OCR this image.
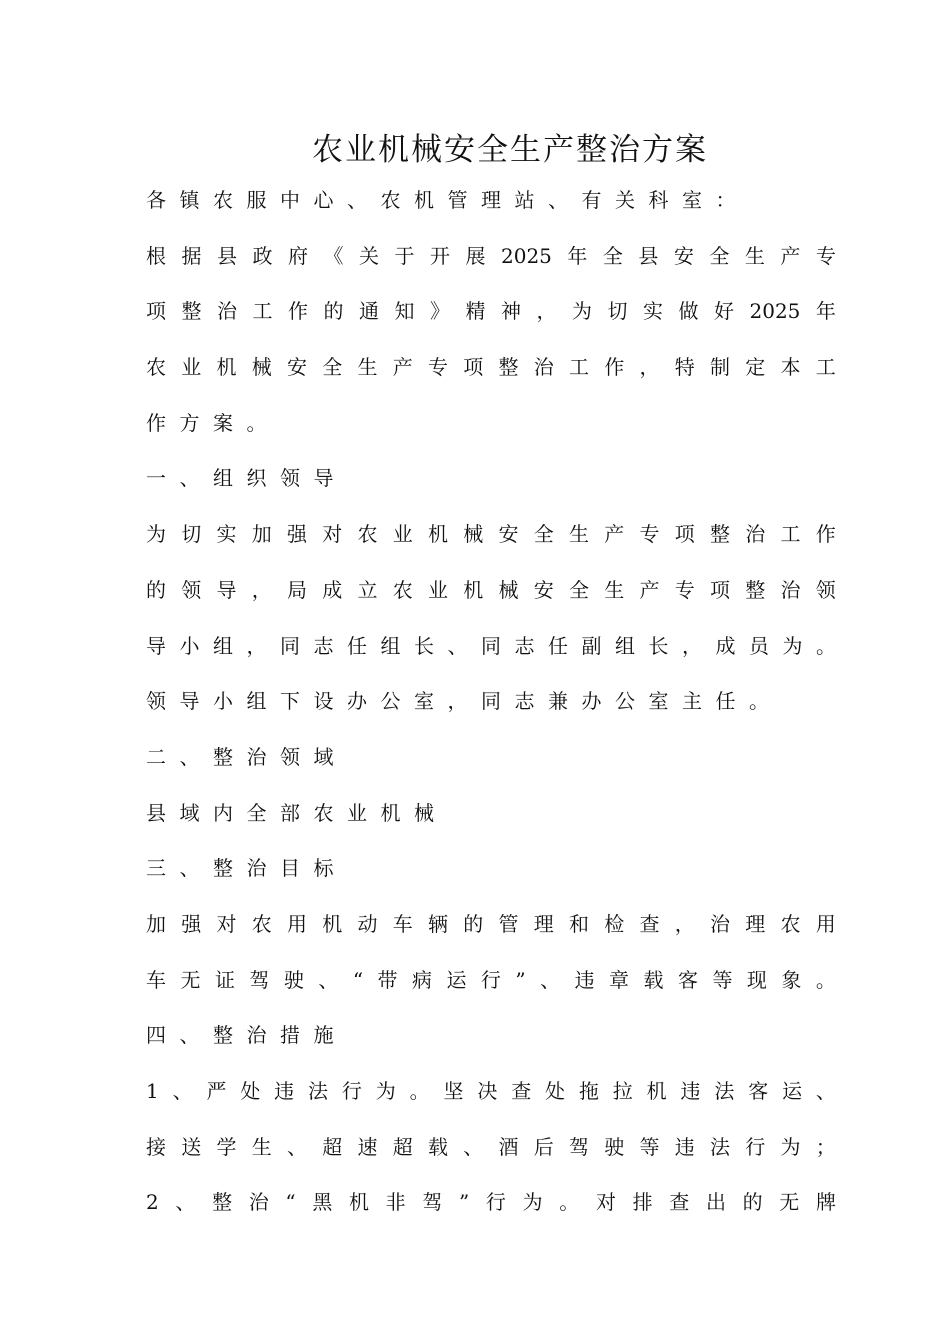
农业机械安全生产整治方案
各 镇 农 服 中 心 、 农 机 管 理 站 、 有 关 科 室 ：
根 据 县 政 府 《 关 于 开 展 2025 年 全 县 安 全 生 产 专
项 整 治 工 作 的 通 知 》 精 神 ， 为 切 实 做 好 2025 年
农 业 机 械 安 全 生 产 专 项 整 治 工 作 ， 特 制 定 本 工
作 方 案 。
一 、 组 织 领 导
为 切 实 加 强 对 农 业 机 械 安 全 生 产 专 项 整 治 工 作
的 领 导 ， 局 成 立 农 业 机 械 安 全 生 产 专 项 整 治 领
导 小 组 ， 同 志 任 组 长 、 同 志 任 副 组 长 ， 成 员 为 。
领 导 小 组 下 设 办 公 室 ， 同 志 兼 办 公 室 主 任 。
二 、 整 治 领 域
县 域 内 全 部 农 业 机 械
三 、 整 治 目 标
加 强 对 农 用 机 动 车 辆 的 管 理 和 检 查 ， 治 理 农 用
车 无 证 驾 驶 、 “ 带 病 运 行 ” 、 违 章 载 客 等 现 象 。
四 、 整 治 措 施
1 、 严 处 违 法 行 为 。 坚 决 查 处 拖 拉 机 违 法 客 运 、
接 送 学 生 、 超 速 超 载 、 酒 后 驾 驶 等 违 法 行 为 ；
2 、 整 治 “ 黑 机 非 驾 ” 行 为 。 对 排 查 出 的 无 牌
